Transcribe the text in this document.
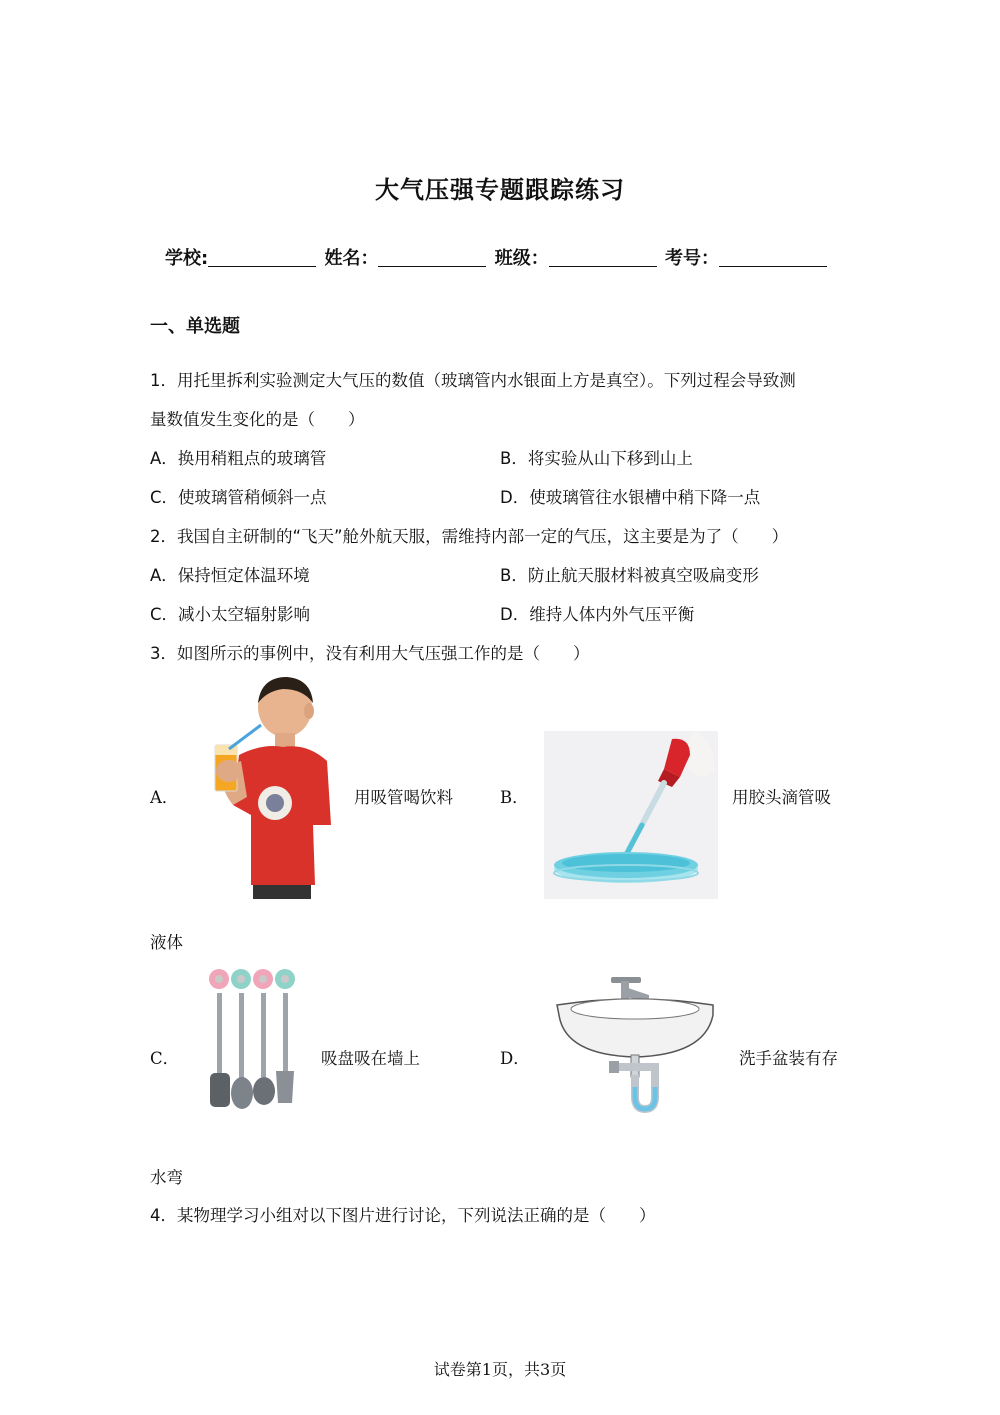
大气压强专题跟踪练习
学校:	姓名：	班级：	考号：
一、单选题
1．用托里拆利实验测定大气压的数值（玻璃管内水银面上方是真空）。下列过程会导致测
量数值发生变化的是（　　）
A．换用稍粗点的玻璃管	B．将实验从山下移到山上
C．使玻璃管稍倾斜一点	D．使玻璃管往水银槽中稍下降一点
2．我国自主研制的“飞天”舱外航天服，需维持内部一定的气压，这主要是为了（　　）
A．保持恒定体温环境	B．防止航天服材料被真空吸扁变形
C．减小太空辐射影响	D．维持人体内外气压平衡
3．如图所示的事例中，没有利用大气压强工作的是（　　）
A．	用吸管喝饮料	B．	用胶头滴管吸
液体
C．	吸盘吸在墙上	D．	洗手盆装有存
水弯
4．某物理学习小组对以下图片进行讨论，下列说法正确的是（　　）
试卷第1页，共3页
